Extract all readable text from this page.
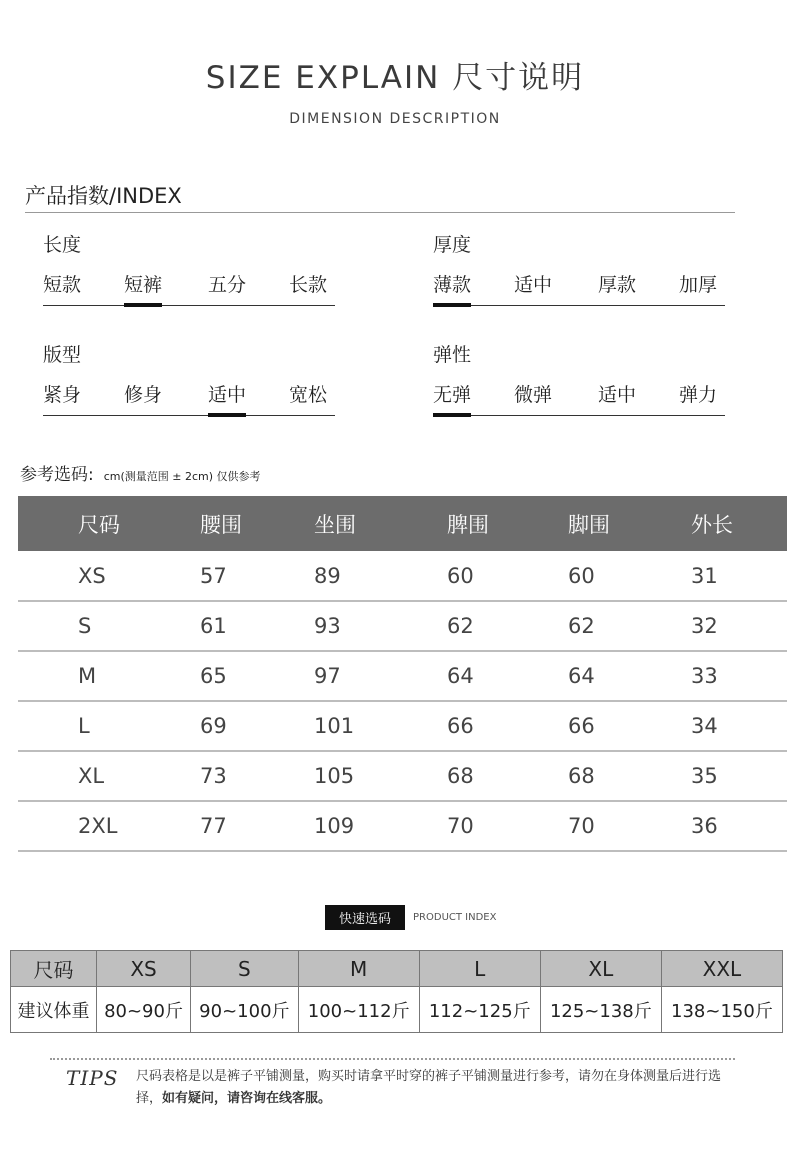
SIZE EXPLAIN 尺寸说明
DIMENSION DESCRIPTION
产品指数/INDEX
长度
短款 短裤 五分 长款
厚度
薄款 适中 厚款 加厚
版型
紧身 修身 适中 宽松
弹性
无弹 微弹 适中 弹力
参考选码: cm(测量范围 ± 2cm) 仅供参考
尺码	腰围	坐围	脾围	脚围	外长
XS	57	89	60	60	31
S	61	93	62	62	32
M	65	97	64	64	33
L	69	101	66	66	34
XL	73	105	68	68	35
2XL	77	109	70	70	36
快速选码	PRODUCT INDEX
尺码	XS	S	M	L	XL	XXL
建议体重	80~90斤	90~100斤	100~112斤	112~125斤	125~138斤	138~150斤
TIPS 尺码表格是以是裤子平铺测量，购买时请拿平时穿的裤子平铺测量进行参考，请勿在身体测量后进行选择，如有疑问，请咨询在线客服。
